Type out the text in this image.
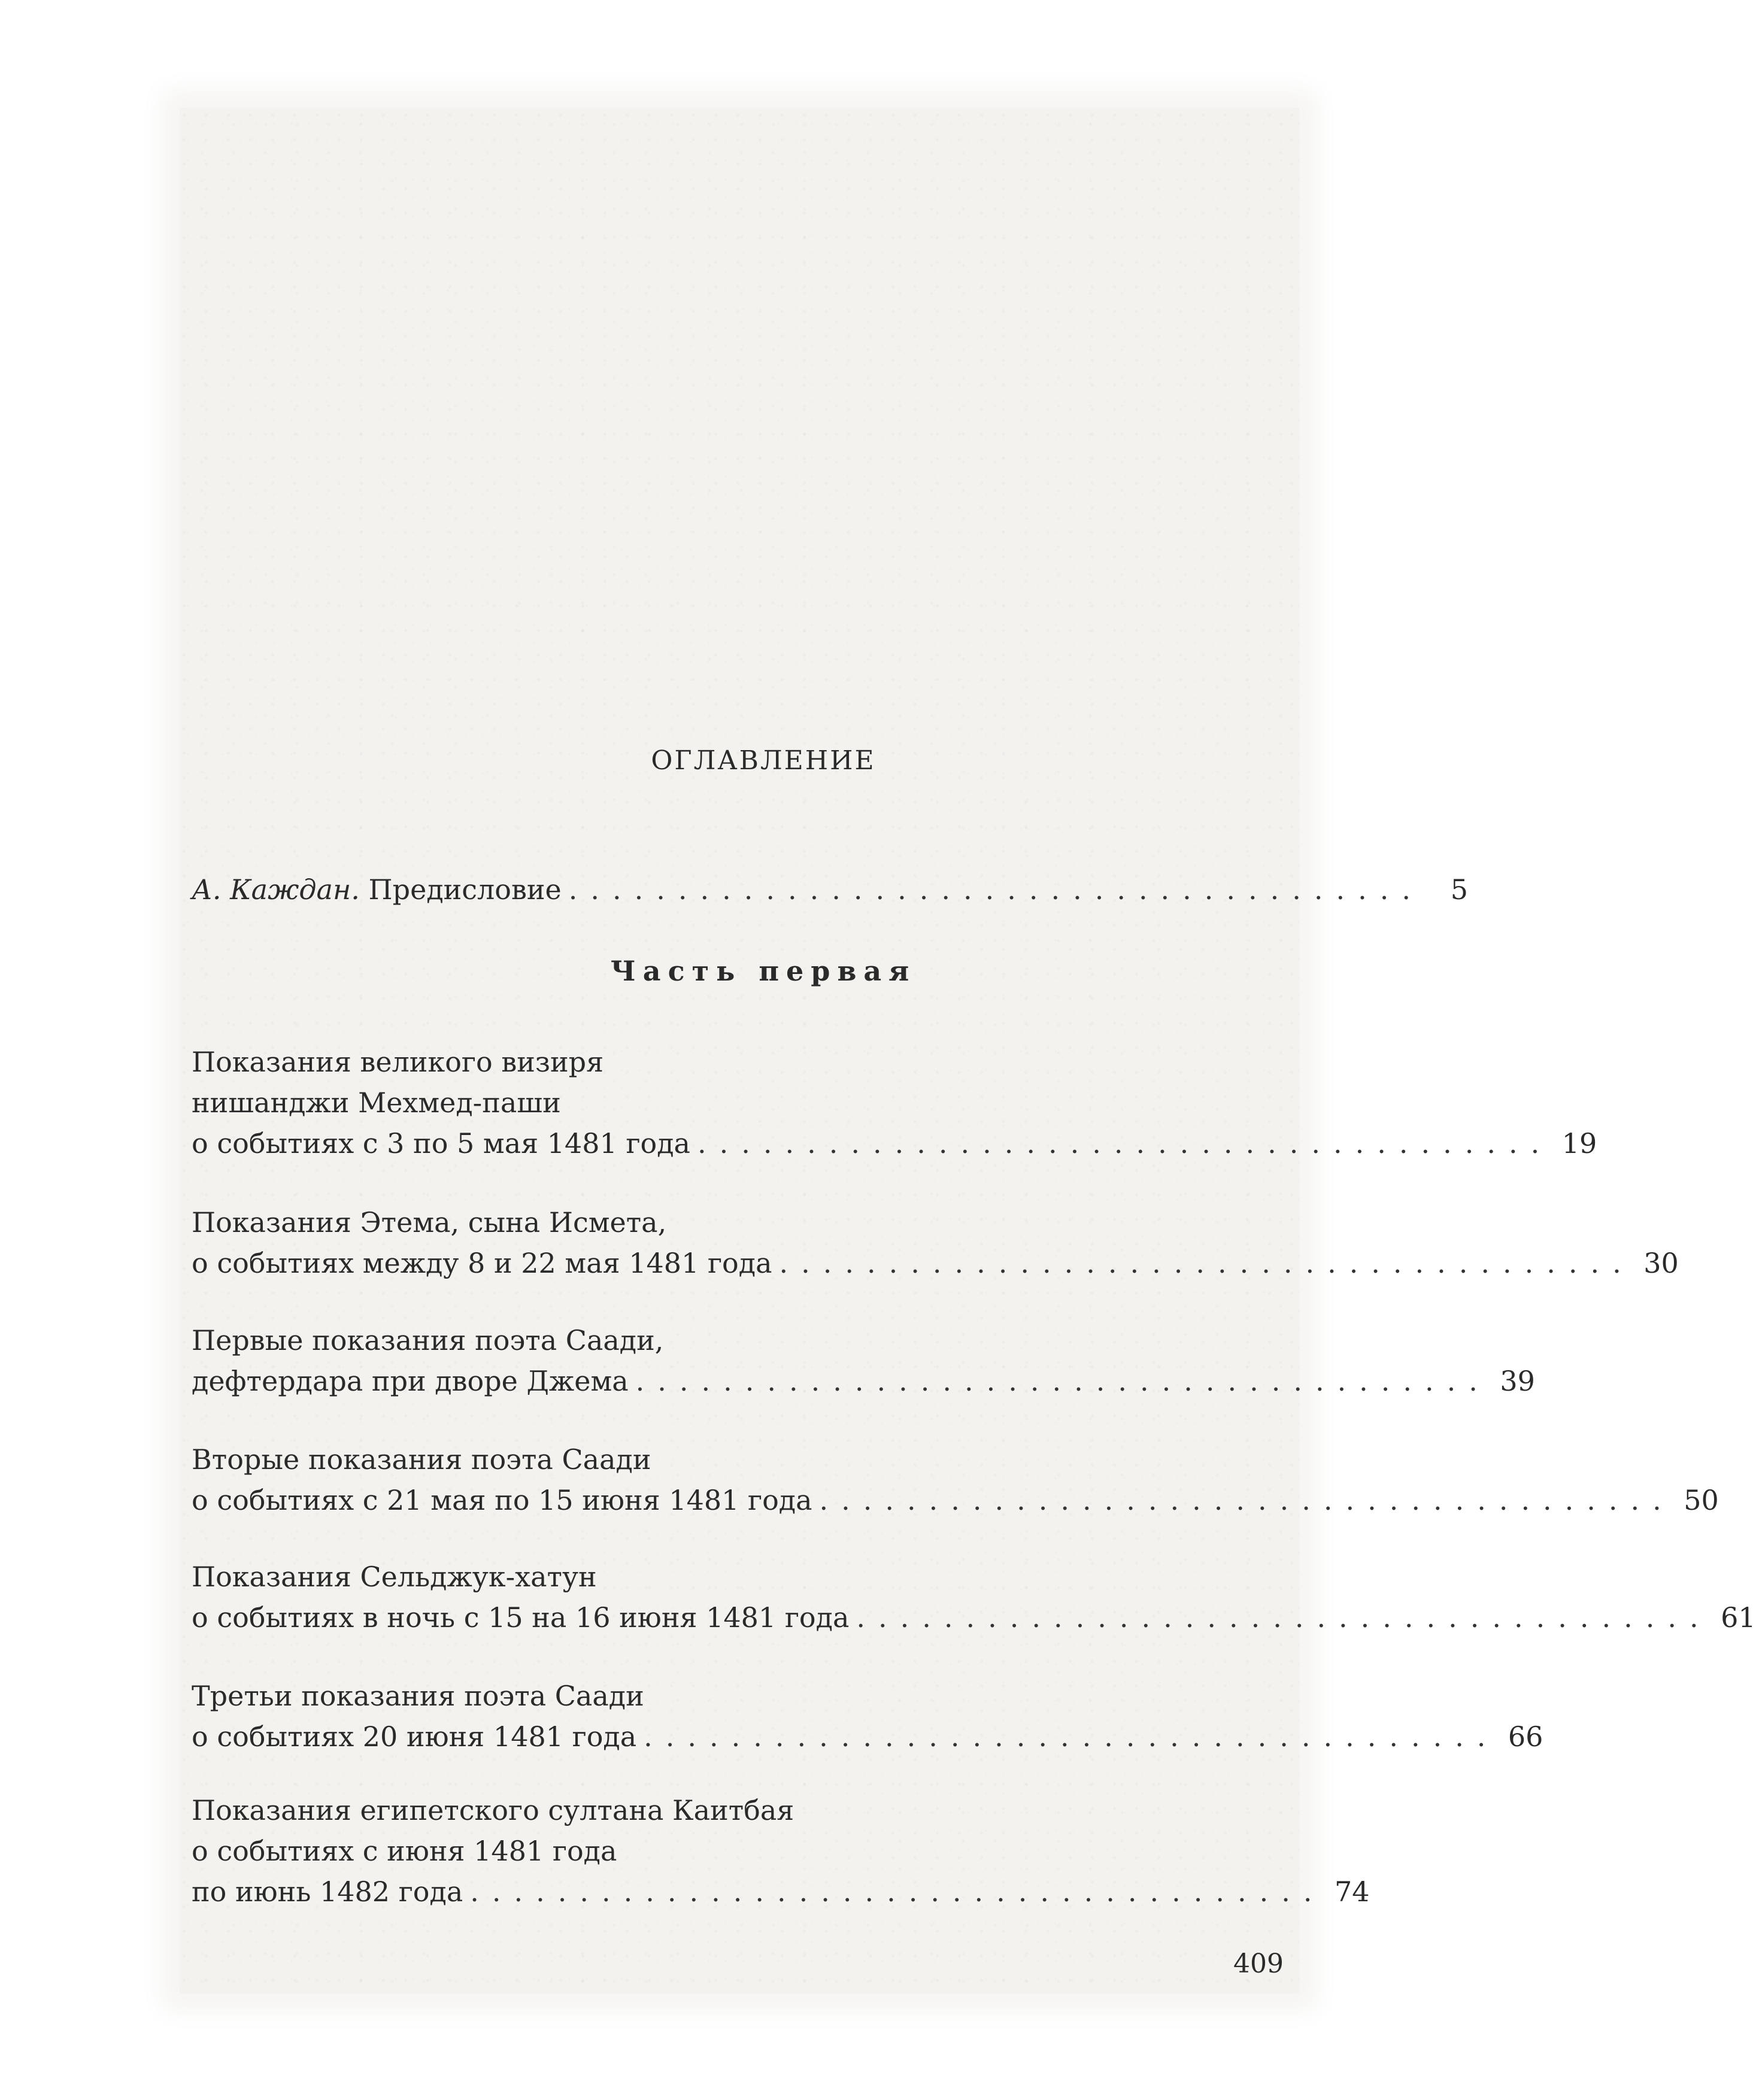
ОГЛАВЛЕНИЕ
А. Каждан.
Предисловие ....................................... 5
Часть первая
Показания великого визиря
нишанджи Мехмед-паши
о событиях с 3 по 5 мая 1481 года ....................................... 19
Показания Этема, сына Исмета,
о событиях между 8 и 22 мая 1481 года ....................................... 30
Первые показания поэта Саади,
дефтердара при дворе Джема ....................................... 39
Вторые показания поэта Саади
о событиях с 21 мая по 15 июня 1481 года ....................................... 50
Показания Сельджук-хатун
о событиях в ночь с 15 на 16 июня 1481 года ....................................... 61
Третьи показания поэта Саади
о событиях 20 июня 1481 года ....................................... 66
Показания египетского султана Каитбая
о событиях с июня 1481 года
по июнь 1482 года ....................................... 74
409
